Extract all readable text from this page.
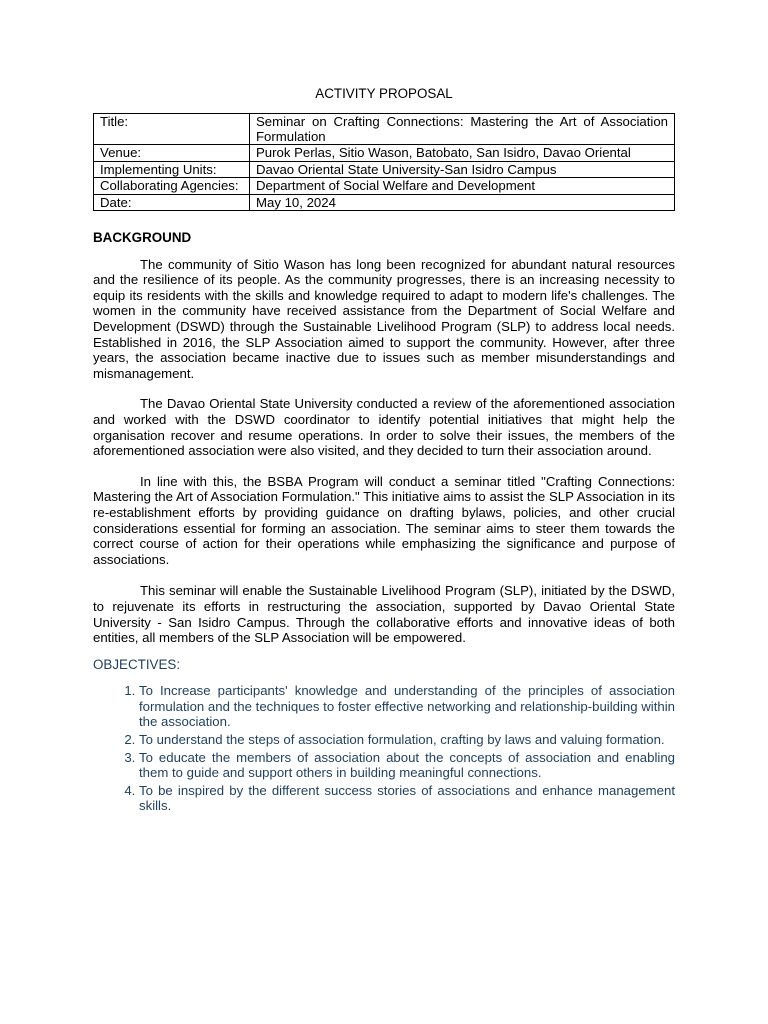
ACTIVITY PROPOSAL
Title:	Seminar on Crafting Connections: Mastering the Art of Association Formulation
Venue:	Purok Perlas, Sitio Wason, Batobato, San Isidro, Davao Oriental
Implementing Units:	Davao Oriental State University-San Isidro Campus
Collaborating Agencies:	Department of Social Welfare and Development
Date:	May 10, 2024
BACKGROUND

The community of Sitio Wason has long been recognized for abundant natural resources and the resilience of its people. As the community progresses, there is an increasing necessity to equip its residents with the skills and knowledge required to adapt to modern life's challenges. The women in the community have received assistance from the Department of Social Welfare and Development (DSWD) through the Sustainable Livelihood Program (SLP) to address local needs. Established in 2016, the SLP Association aimed to support the community. However, after three years, the association became inactive due to issues such as member misunderstandings and mismanagement.

The Davao Oriental State University conducted a review of the aforementioned association and worked with the DSWD coordinator to identify potential initiatives that might help the organisation recover and resume operations. In order to solve their issues, the members of the aforementioned association were also visited, and they decided to turn their association around.

In line with this, the BSBA Program will conduct a seminar titled "Crafting Connections: Mastering the Art of Association Formulation." This initiative aims to assist the SLP Association in its re-establishment efforts by providing guidance on drafting bylaws, policies, and other crucial considerations essential for forming an association. The seminar aims to steer them towards the correct course of action for their operations while emphasizing the significance and purpose of associations.

This seminar will enable the Sustainable Livelihood Program (SLP), initiated by the DSWD, to rejuvenate its efforts in restructuring the association, supported by Davao Oriental State University - San Isidro Campus. Through the collaborative efforts and innovative ideas of both entities, all members of the SLP Association will be empowered.

OBJECTIVES:
1. To Increase participants' knowledge and understanding of the principles of association formulation and the techniques to foster effective networking and relationship-building within the association.
2. To understand the steps of association formulation, crafting by laws and valuing formation.
3. To educate the members of association about the concepts of association and enabling them to guide and support others in building meaningful connections.
4. To be inspired by the different success stories of associations and enhance management skills.
